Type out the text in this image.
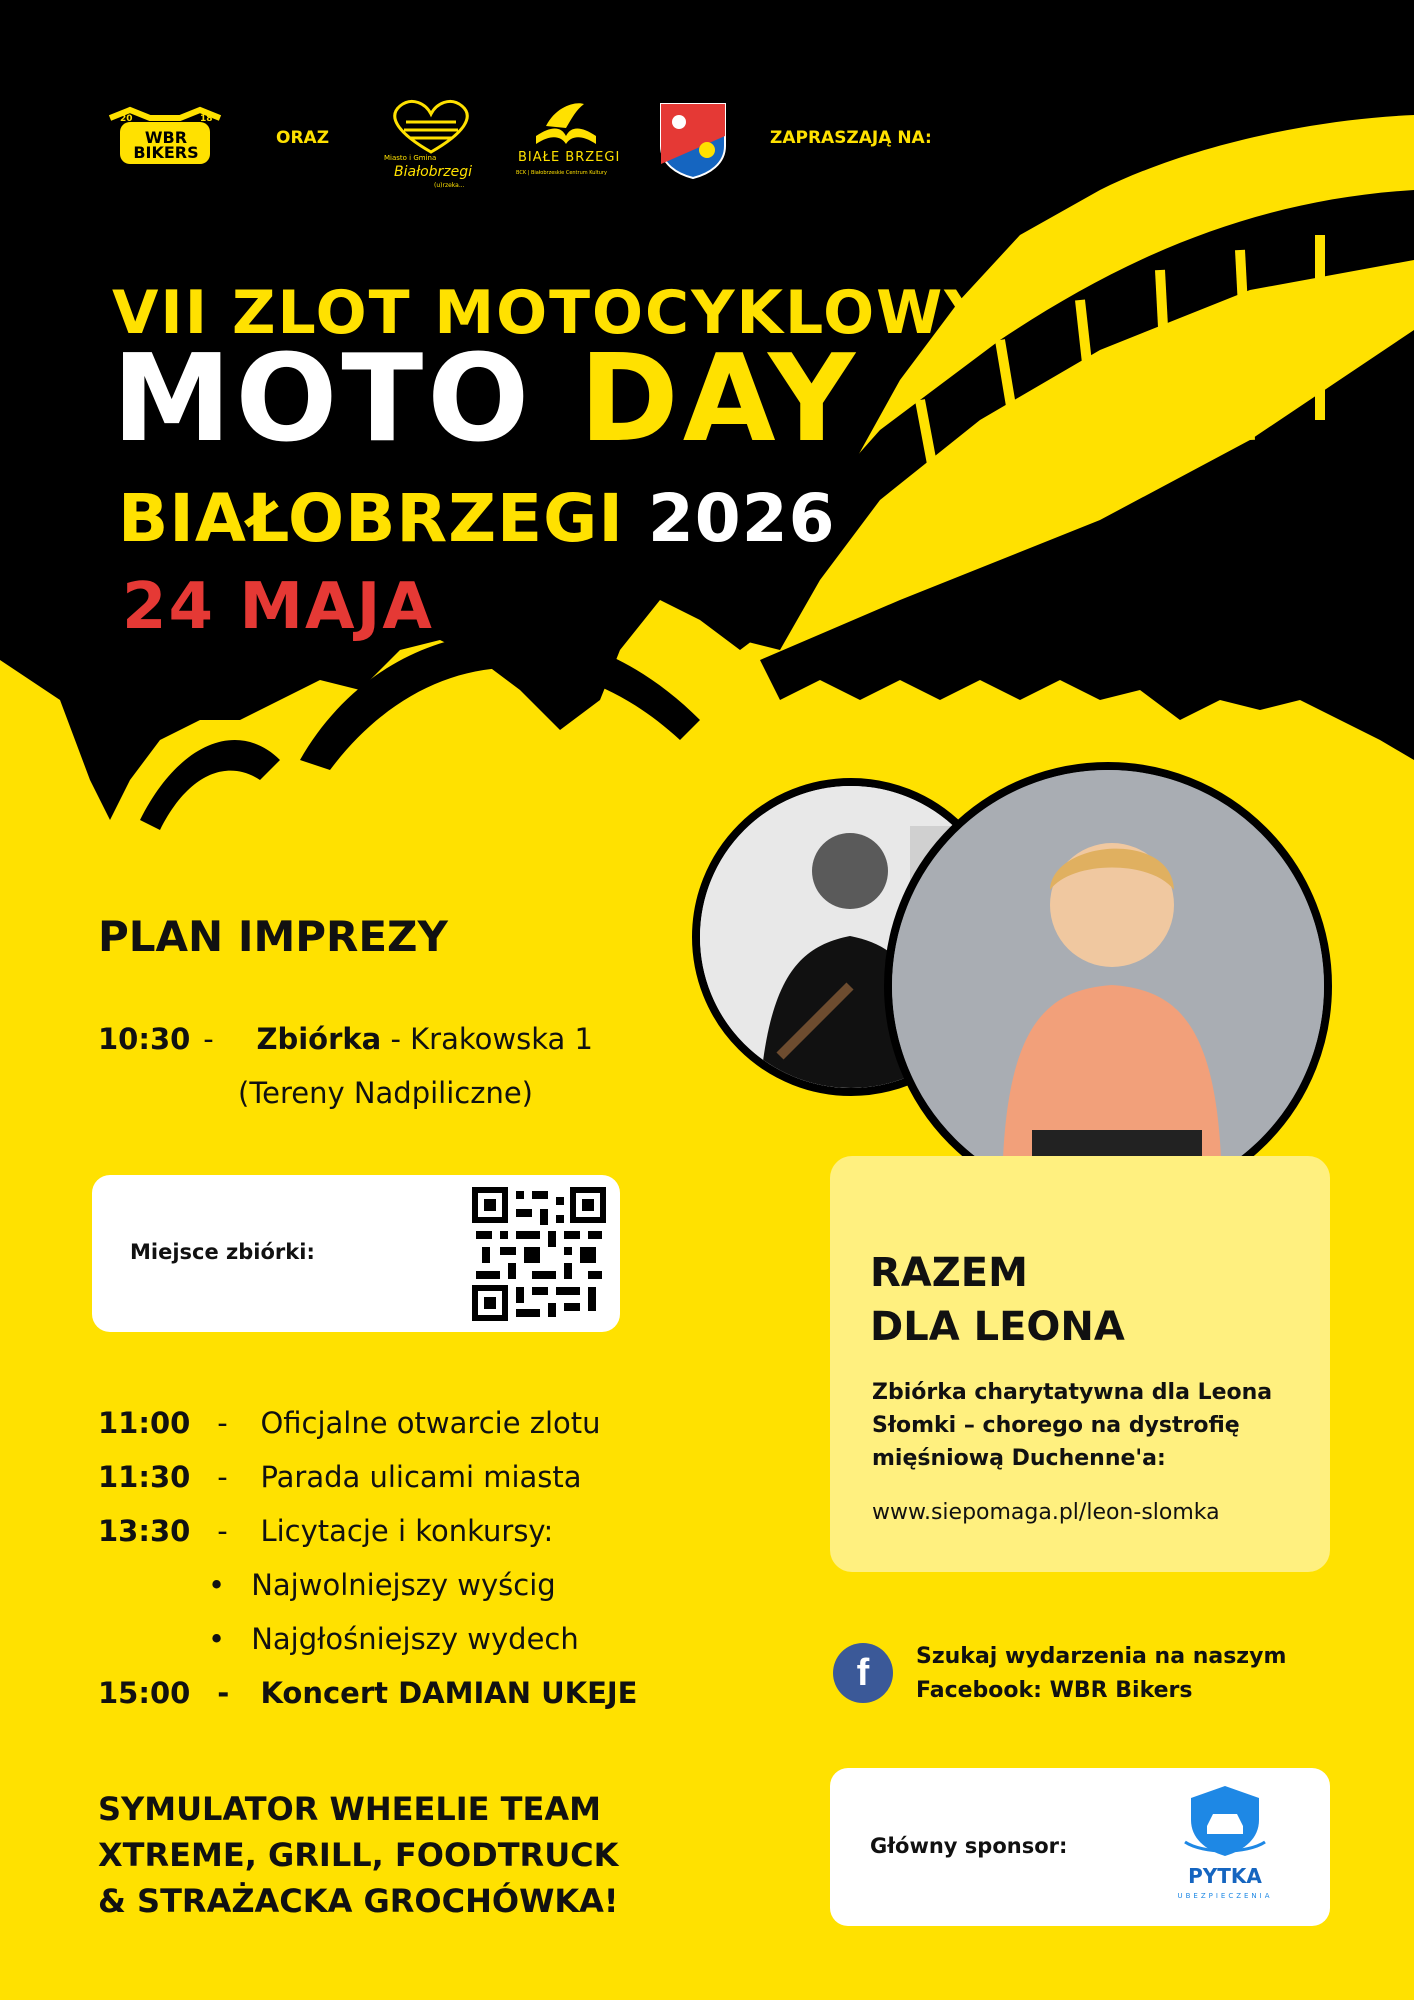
WBR BIKERS
20	18
ORAZ
Miasto i Gmina
Białobrzegi
(u)rzeka...
BIAŁE BRZEGI
BCK | Białobrzeskie Centrum Kultury
ZAPRASZAJĄ NA:
VII ZLOT MOTOCYKLOWY
MOTO DAY
BIAŁOBRZEGI 2026
24 MAJA
PLAN IMPREZY
10:30 - Zbiórka - Krakowska 1
(Tereny Nadpiliczne)
Miejsce zbiórki:
11:00 - Oficjalne otwarcie zlotu
11:30 - Parada ulicami miasta
13:30 - Licytacje i konkursy:
• Najwolniejszy wyścig
• Najgłośniejszy wydech
15:00 - Koncert DAMIAN UKEJE
SYMULATOR WHEELIE TEAM
XTREME, GRILL, FOODTRUCK
& STRAŻACKA GROCHÓWKA!
RAZEM
DLA LEONA
Zbiórka charytatywna dla Leona
Słomki – chorego na dystrofię
mięśniową Duchenne'a:
www.siepomaga.pl/leon-slomka
f	Szukaj wydarzenia na naszym
Facebook: WBR Bikers
Główny sponsor:
PYTKA
UBEZPIECZENIA
